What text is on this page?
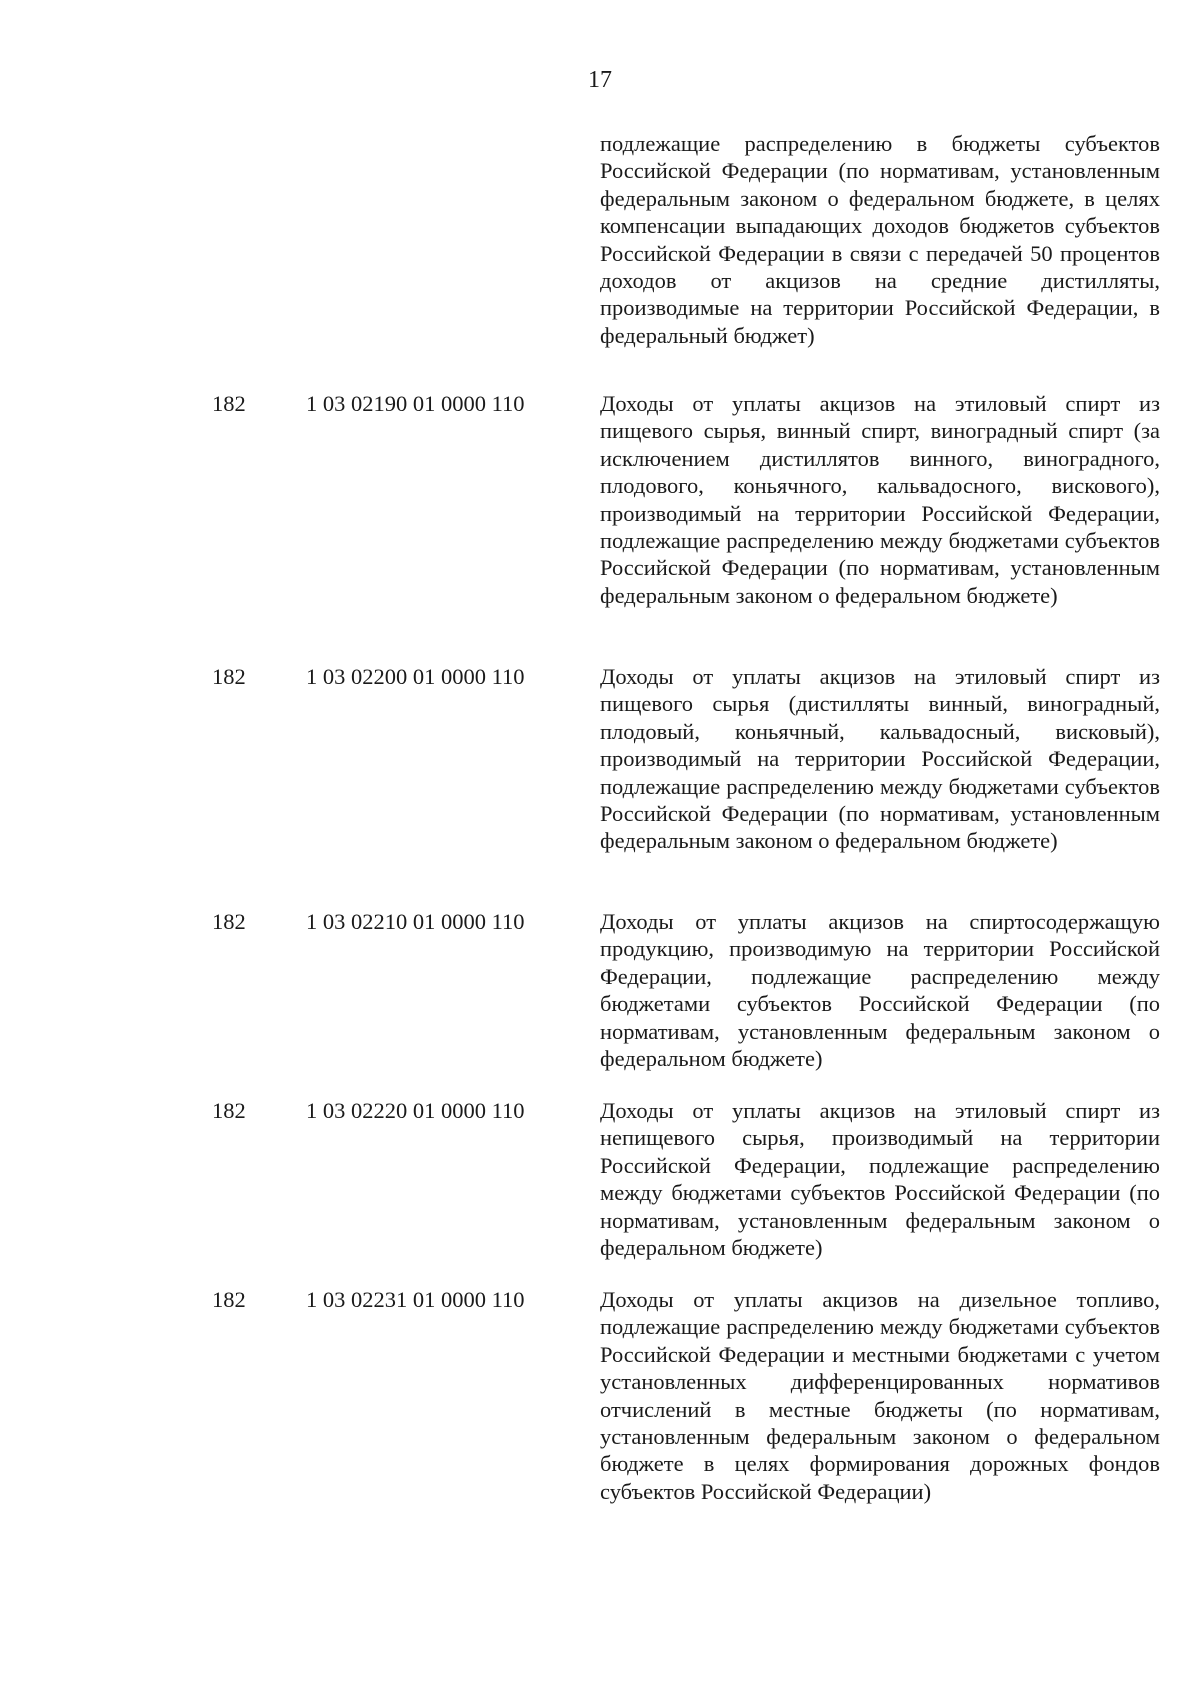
17
подлежащие распределению в бюджеты субъектов Российской Федерации (по нормативам, установленным федеральным законом о федеральном бюджете, в целях компенсации выпадающих доходов бюджетов субъектов Российской Федерации в связи с передачей 50 процентов доходов от акцизов на средние дистилляты, производимые на территории Российской Федерации, в федеральный бюджет)
182	1 03 02190 01 0000 110	Доходы от уплаты акцизов на этиловый спирт из пищевого сырья, винный спирт, виноградный спирт (за исключением дистиллятов винного, виноградного, плодового, коньячного, кальвадосного, вискового), производимый на территории Российской Федерации, подлежащие распределению между бюджетами субъектов Российской Федерации (по нормативам, установленным федеральным законом о федеральном бюджете)
182	1 03 02200 01 0000 110	Доходы от уплаты акцизов на этиловый спирт из пищевого сырья (дистилляты винный, виноградный, плодовый, коньячный, кальвадосный, висковый), производимый на территории Российской Федерации, подлежащие распределению между бюджетами субъектов Российской Федерации (по нормативам, установленным федеральным законом о федеральном бюджете)
182	1 03 02210 01 0000 110	Доходы от уплаты акцизов на спиртосодержащую продукцию, производимую на территории Российской Федерации, подлежащие распределению между бюджетами субъектов Российской Федерации (по нормативам, установленным федеральным законом о федеральном бюджете)
182	1 03 02220 01 0000 110	Доходы от уплаты акцизов на этиловый спирт из непищевого сырья, производимый на территории Российской Федерации, подлежащие распределению между бюджетами субъектов Российской Федерации (по нормативам, установленным федеральным законом о федеральном бюджете)
182	1 03 02231 01 0000 110	Доходы от уплаты акцизов на дизельное топливо, подлежащие распределению между бюджетами субъектов Российской Федерации и местными бюджетами с учетом установленных дифференцированных нормативов отчислений в местные бюджеты (по нормативам, установленным федеральным законом о федеральном бюджете в целях формирования дорожных фондов субъектов Российской Федерации)
